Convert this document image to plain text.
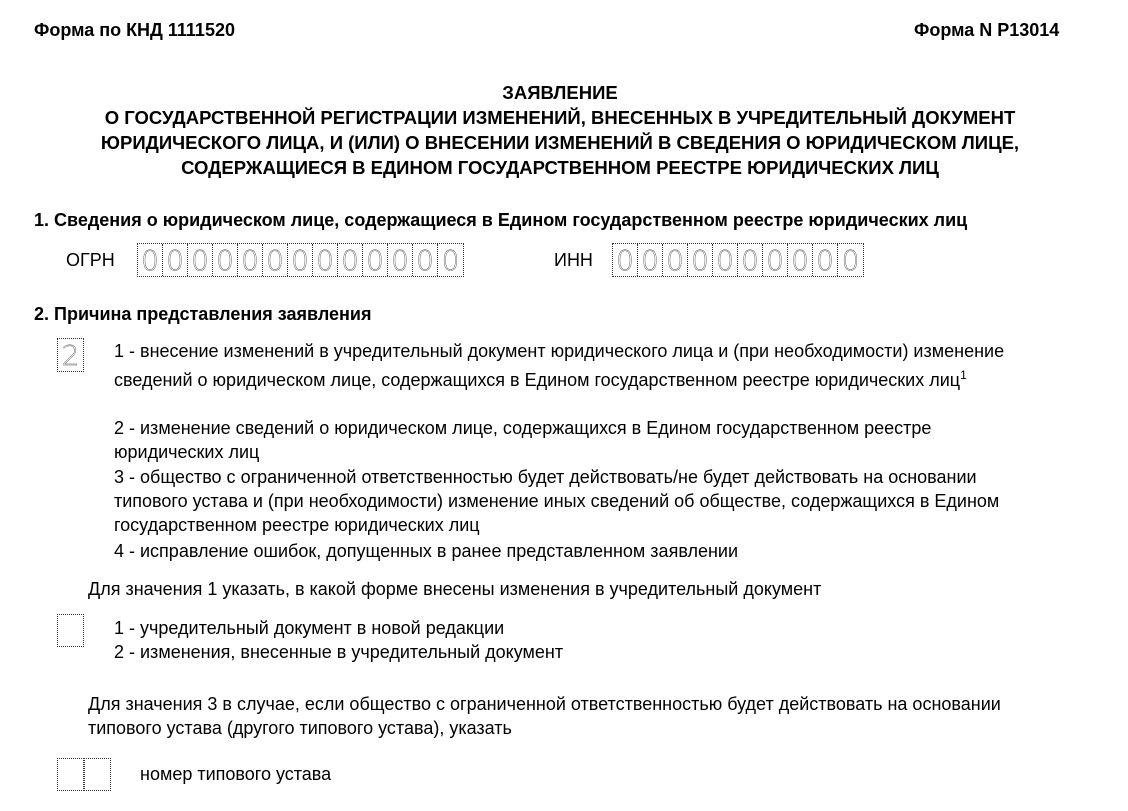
Форма по КНД 1111520	Форма N Р13014
ЗАЯВЛЕНИЕ
О ГОСУДАРСТВЕННОЙ РЕГИСТРАЦИИ ИЗМЕНЕНИЙ, ВНЕСЕННЫХ В УЧРЕДИТЕЛЬНЫЙ ДОКУМЕНТ
ЮРИДИЧЕСКОГО ЛИЦА, И (ИЛИ) О ВНЕСЕНИИ ИЗМЕНЕНИЙ В СВЕДЕНИЯ О ЮРИДИЧЕСКОМ ЛИЦЕ,
СОДЕРЖАЩИЕСЯ В ЕДИНОМ ГОСУДАРСТВЕННОМ РЕЕСТРЕ ЮРИДИЧЕСКИХ ЛИЦ
1. Сведения о юридическом лице, содержащиеся в Едином государственном реестре юридических лиц
ОГРН 0 0 0 0 0 0 0 0 0 0 0 0 0	ИНН 0 0 0 0 0 0 0 0 0 0
2. Причина представления заявления
2 1 - внесение изменений в учредительный документ юридического лица и (при необходимости) изменение
сведений о юридическом лице, содержащихся в Едином государственном реестре юридических лиц$^1$
2 - изменение сведений о юридическом лице, содержащихся в Едином государственном реестре
юридических лиц
3 - общество с ограниченной ответственностью будет действовать/не будет действовать на основании
типового устава и (при необходимости) изменение иных сведений об обществе, содержащихся в Едином
государственном реестре юридических лиц
4 - исправление ошибок, допущенных в ранее представленном заявлении
Для значения 1 указать, в какой форме внесены изменения в учредительный документ
1 - учредительный документ в новой редакции
2 - изменения, внесенные в учредительный документ
Для значения 3 в случае, если общество с ограниченной ответственностью будет действовать на основании
типового устава (другого типового устава), указать
номер типового устава
